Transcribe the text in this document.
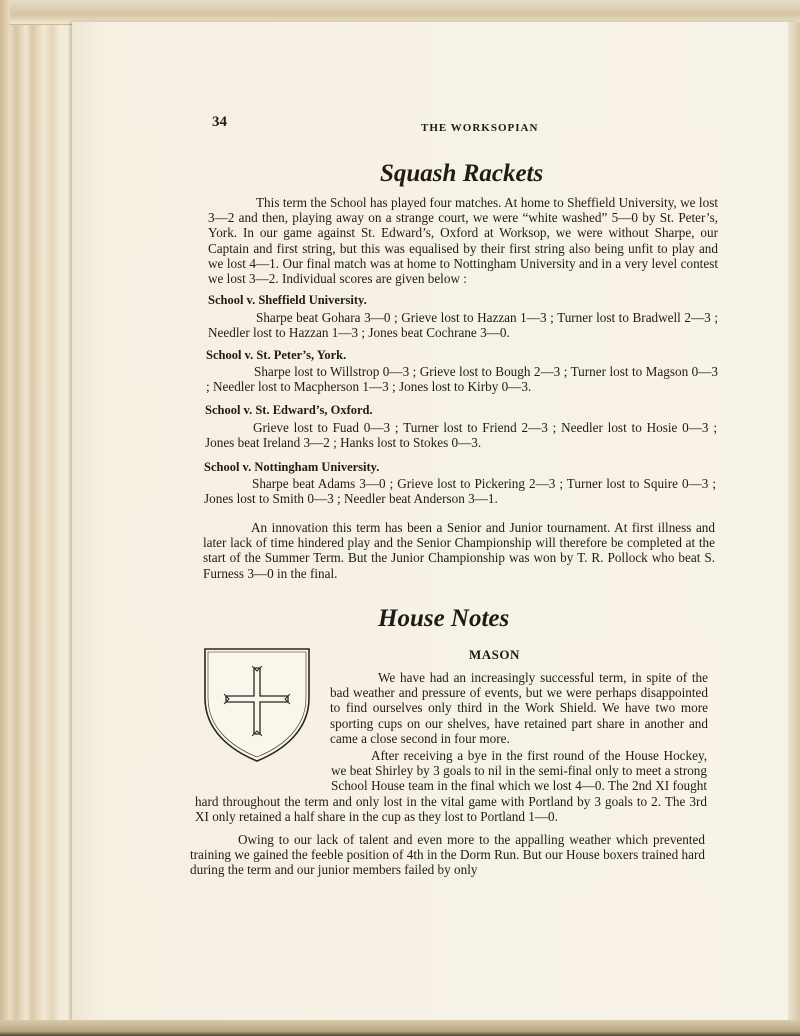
34	THE WORKSOPIAN
Squash Rackets
This term the School has played four matches. At home to Sheffield University, we lost 3—2 and then, playing away on a strange court, we were “white washed” 5—0 by St. Peter’s, York. In our game against St. Edward’s, Oxford at Worksop, we were without Sharpe, our Captain and first string, but this was equalised by their first string also being unfit to play and we lost 4—1. Our final match was at home to Nottingham University and in a very level contest we lost 3—2. Individual scores are given below :
School v. Sheffield University.
Sharpe beat Gohara 3—0 ; Grieve lost to Hazzan 1—3 ; Turner lost to Bradwell 2—3 ; Needler lost to Hazzan 1—3 ; Jones beat Cochrane 3—0.
School v. St. Peter’s, York.
Sharpe lost to Willstrop 0—3 ; Grieve lost to Bough 2—3 ; Turner lost to Magson 0—3 ; Needler lost to Macpherson 1—3 ; Jones lost to Kirby 0—3.
School v. St. Edward’s, Oxford.
Grieve lost to Fuad 0—3 ; Turner lost to Friend 2—3 ; Needler lost to Hosie 0—3 ; Jones beat Ireland 3—2 ; Hanks lost to Stokes 0—3.
School v. Nottingham University.
Sharpe beat Adams 3—0 ; Grieve lost to Pickering 2—3 ; Turner lost to Squire 0—3 ; Jones lost to Smith 0—3 ; Needler beat Anderson 3—1.
An innovation this term has been a Senior and Junior tournament. At first illness and later lack of time hindered play and the Senior Championship will therefore be completed at the start of the Summer Term. But the Junior Championship was won by T. R. Pollock who beat S. Furness 3—0 in the final.
House Notes
MASON
We have had an increasingly successful term, in spite of the bad weather and pressure of events, but we were perhaps disappointed to find ourselves only third in the Work Shield. We have two more sporting cups on our shelves, have retained part share in another and came a close second in four more.
After receiving a bye in the first round of the House Hockey, we beat Shirley by 3 goals to nil in the semi-final only to meet a strong School House team in the final which we lost 4—0. The 2nd XI fought hard throughout the term and only lost in the vital game with Portland by 3 goals to 2. The 3rd XI only retained a half share in the cup as they lost to Portland 1—0.
Owing to our lack of talent and even more to the appalling weather which prevented training we gained the feeble position of 4th in the Dorm Run. But our House boxers trained hard during the term and our junior members failed by only
